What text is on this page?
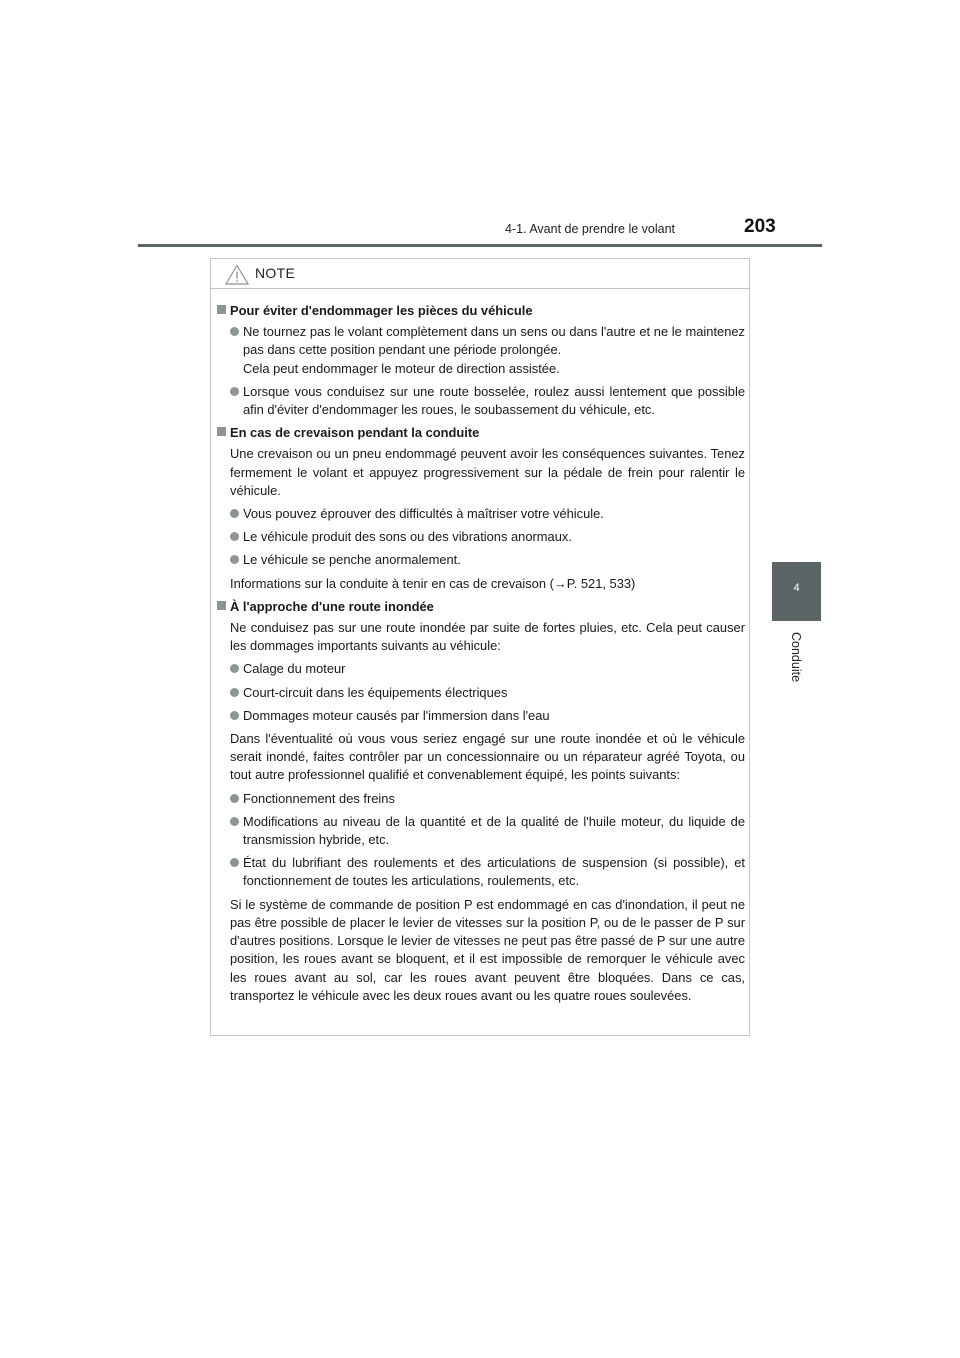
4-1. Avant de prendre le volant	203
4
Conduite
NOTE
Pour éviter d'endommager les pièces du véhicule
Ne tournez pas le volant complètement dans un sens ou dans l'autre et ne le maintenez pas dans cette position pendant une période prolongée.
Cela peut endommager le moteur de direction assistée.
Lorsque vous conduisez sur une route bosselée, roulez aussi lentement que possible afin d'éviter d'endommager les roues, le soubassement du véhicule, etc.
En cas de crevaison pendant la conduite
Une crevaison ou un pneu endommagé peuvent avoir les conséquences suivantes. Tenez fermement le volant et appuyez progressivement sur la pédale de frein pour ralentir le véhicule.
Vous pouvez éprouver des difficultés à maîtriser votre véhicule.
Le véhicule produit des sons ou des vibrations anormaux.
Le véhicule se penche anormalement.
Informations sur la conduite à tenir en cas de crevaison (→P. 521, 533)
À l'approche d'une route inondée
Ne conduisez pas sur une route inondée par suite de fortes pluies, etc. Cela peut causer les dommages importants suivants au véhicule:
Calage du moteur
Court-circuit dans les équipements électriques
Dommages moteur causés par l'immersion dans l'eau
Dans l'éventualité où vous vous seriez engagé sur une route inondée et où le véhicule serait inondé, faites contrôler par un concessionnaire ou un réparateur agréé Toyota, ou tout autre professionnel qualifié et convenablement équipé, les points suivants:
Fonctionnement des freins
Modifications au niveau de la quantité et de la qualité de l'huile moteur, du liquide de transmission hybride, etc.
État du lubrifiant des roulements et des articulations de suspension (si possible), et fonctionnement de toutes les articulations, roulements, etc.
Si le système de commande de position P est endommagé en cas d'inondation, il peut ne pas être possible de placer le levier de vitesses sur la position P, ou de le passer de P sur d'autres positions. Lorsque le levier de vitesses ne peut pas être passé de P sur une autre position, les roues avant se bloquent, et il est impossible de remorquer le véhicule avec les roues avant au sol, car les roues avant peuvent être bloquées. Dans ce cas, transportez le véhicule avec les deux roues avant ou les quatre roues soulevées.
